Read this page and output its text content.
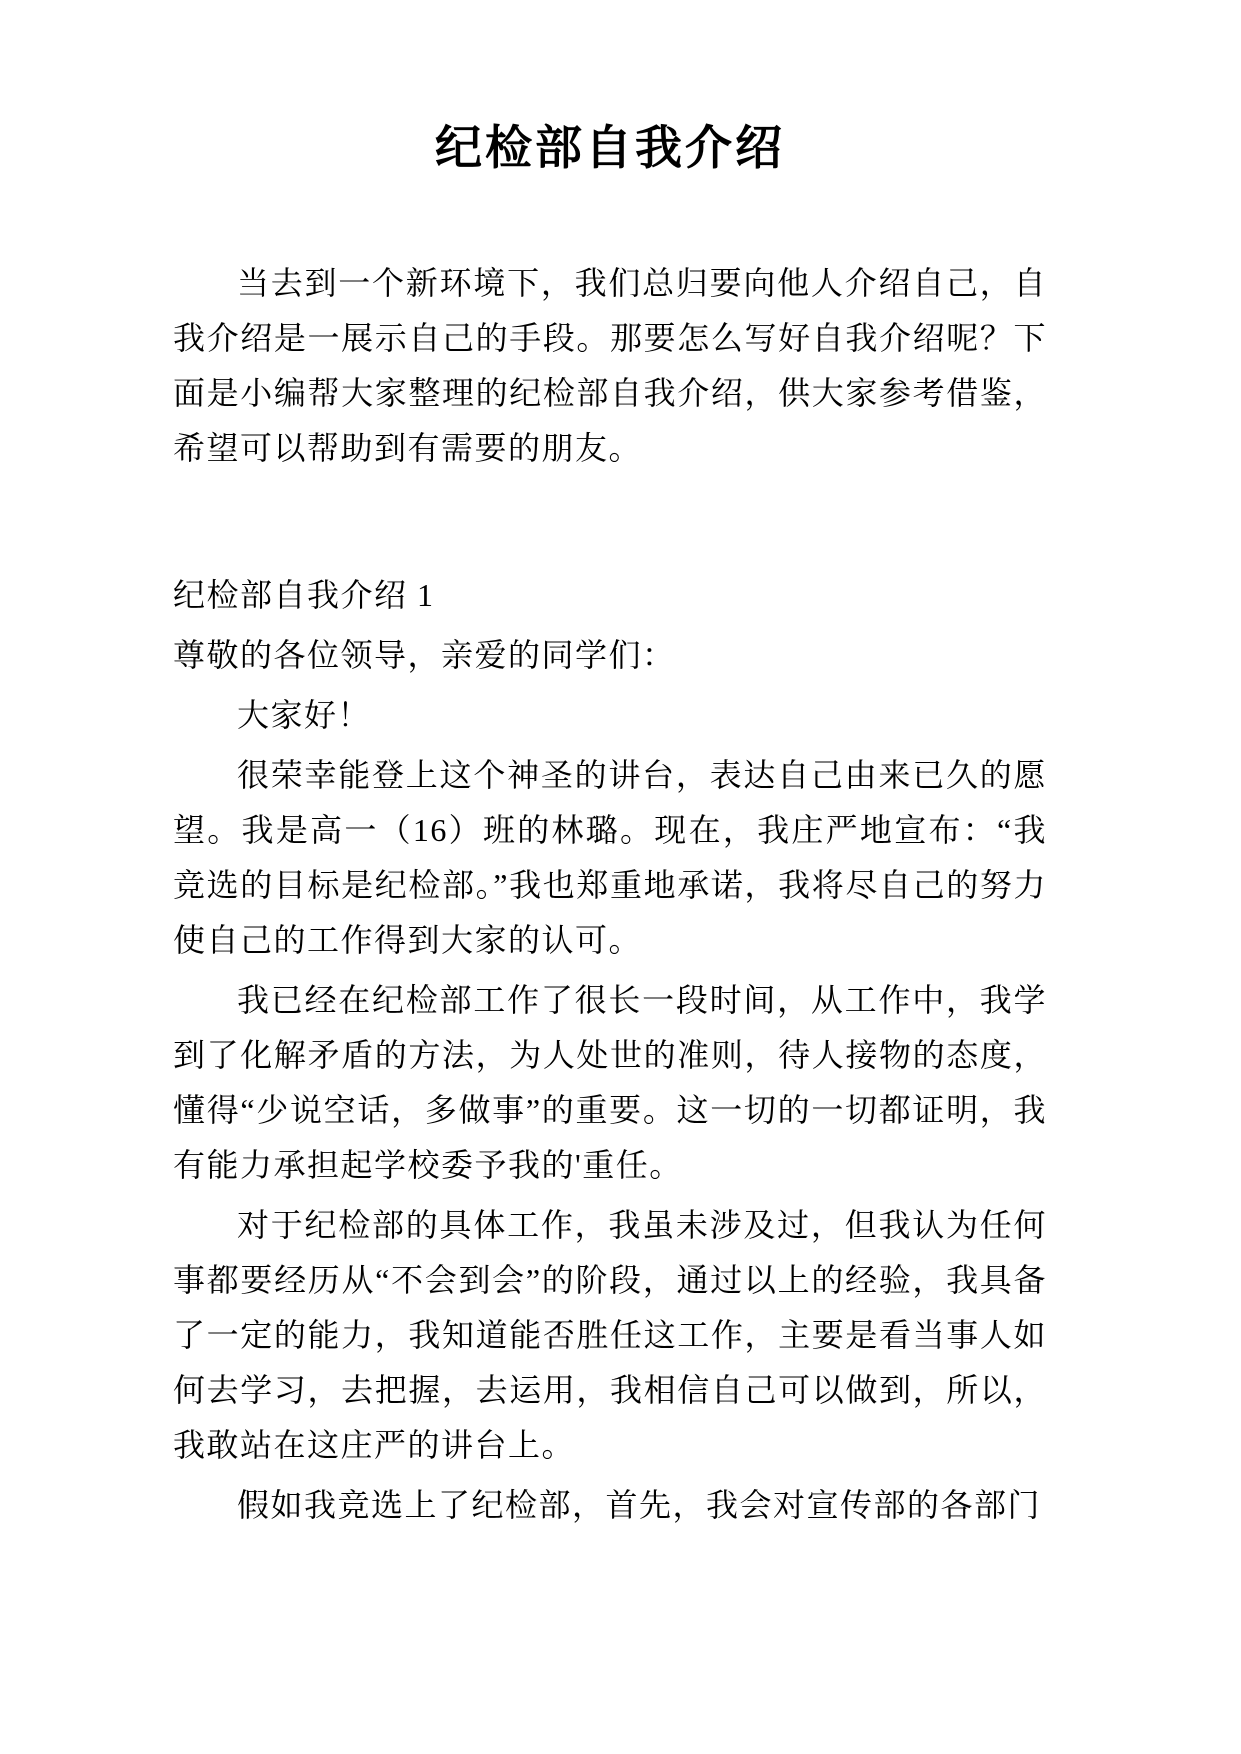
纪检部自我介绍

当去到一个新环境下，我们总归要向他人介绍自己，自我介绍是一展示自己的手段。那要怎么写好自我介绍呢？下面是小编帮大家整理的纪检部自我介绍，供大家参考借鉴，希望可以帮助到有需要的朋友。

纪检部自我介绍 1

尊敬的各位领导，亲爱的同学们：

大家好！

很荣幸能登上这个神圣的讲台，表达自己由来已久的愿望。我是高一（16）班的林璐。现在，我庄严地宣布：“我竞选的目标是纪检部。”我也郑重地承诺，我将尽自己的努力使自己的工作得到大家的认可。

我已经在纪检部工作了很长一段时间，从工作中，我学到了化解矛盾的方法，为人处世的准则，待人接物的态度，懂得“少说空话，多做事”的重要。这一切的一切都证明，我有能力承担起学校委予我的'重任。

对于纪检部的具体工作，我虽未涉及过，但我认为任何事都要经历从“不会到会”的阶段，通过以上的经验，我具备了一定的能力，我知道能否胜任这工作，主要是看当事人如何去学习，去把握，去运用，我相信自己可以做到，所以，我敢站在这庄严的讲台上。

假如我竞选上了纪检部，首先，我会对宣传部的各部门
